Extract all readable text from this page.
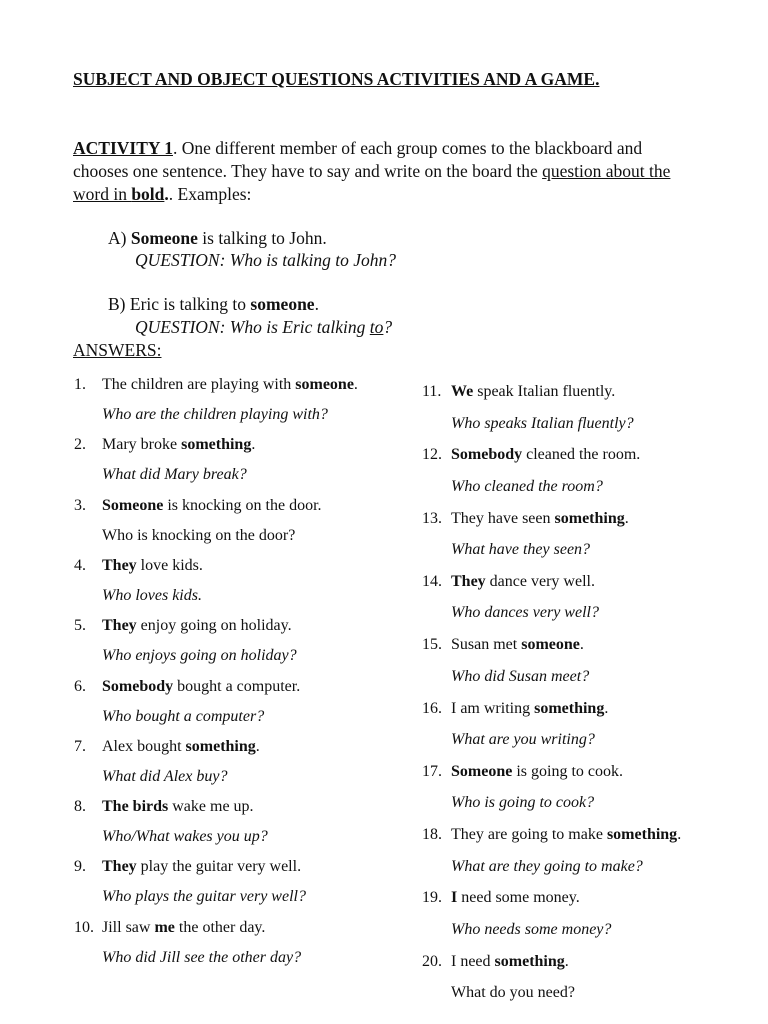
SUBJECT AND OBJECT QUESTIONS ACTIVITIES AND A GAME.

ACTIVITY 1. One different member of each group comes to the blackboard and chooses one sentence. They have to say and write on the board the question about the word in bold.. Examples:

A) Someone is talking to John.
QUESTION: Who is talking to John?
B) Eric is talking to someone.
QUESTION: Who is Eric talking to?
ANSWERS:
1. The children are playing with someone.
Who are the children playing with?
2. Mary broke something.
What did Mary break?
3. Someone is knocking on the door.
Who is knocking on the door?
4. They love kids.
Who loves kids.
5. They enjoy going on holiday.
Who enjoys going on holiday?
6. Somebody bought a computer.
Who bought a computer?
7. Alex bought something.
What did Alex buy?
8. The birds wake me up.
Who/What wakes you up?
9. They play the guitar very well.
Who plays the guitar very well?
10. Jill saw me the other day.
Who did Jill see the other day?
11. We speak Italian fluently.
Who speaks Italian fluently?
12. Somebody cleaned the room.
Who cleaned the room?
13. They have seen something.
What have they seen?
14. They dance very well.
Who dances very well?
15. Susan met someone.
Who did Susan meet?
16. I am writing something.
What are you writing?
17. Someone is going to cook.
Who is going to cook?
18. They are going to make something.
What are they going to make?
19. I need some money.
Who needs some money?
20. I need something.
What do you need?
